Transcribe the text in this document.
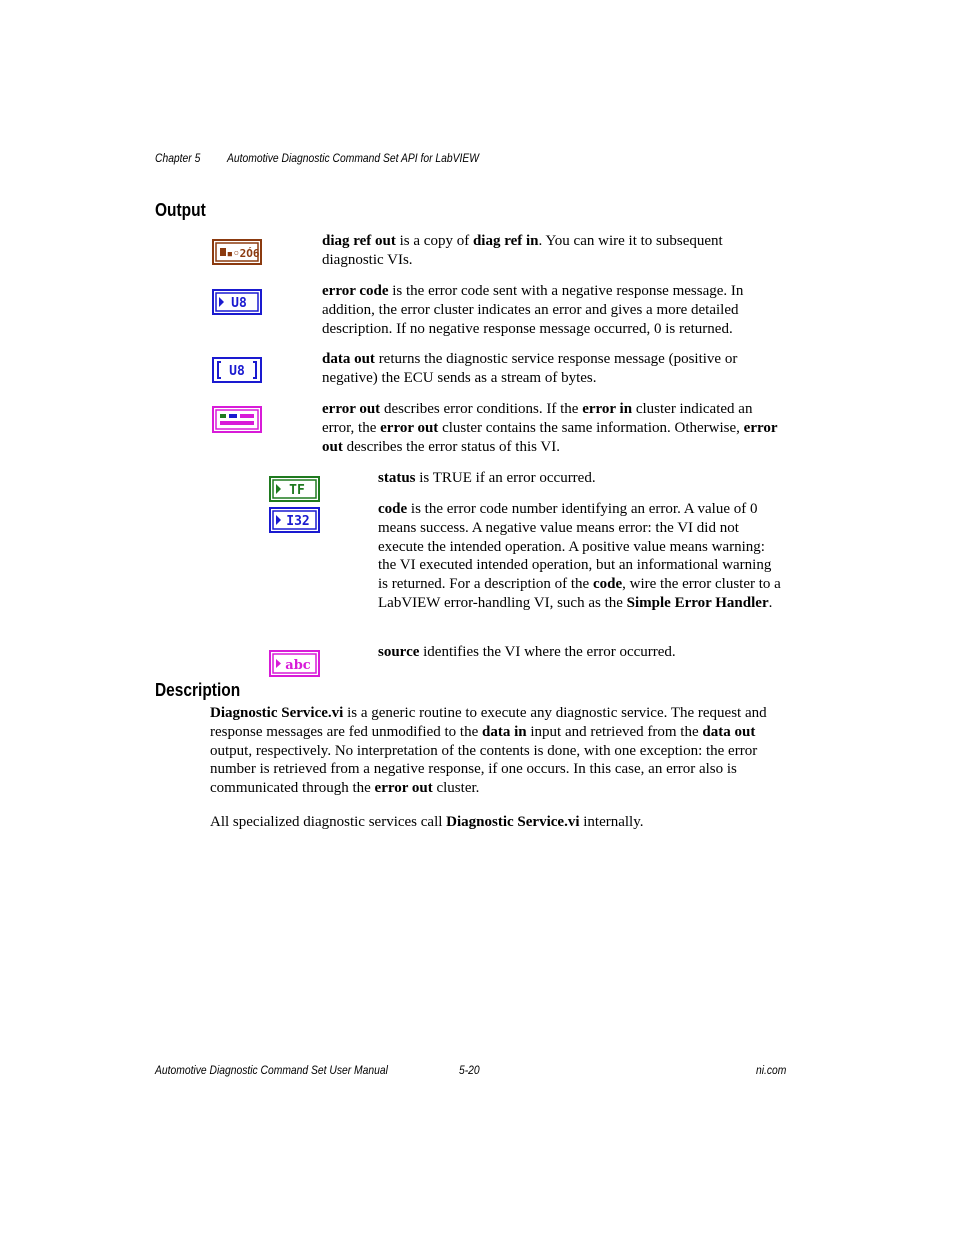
Chapter 5 Automotive Diagnostic Command Set API for LabVIEW
Output
▪◦2Ó6
diag ref out is a copy of diag ref in. You can wire it to subsequent diagnostic VIs.
U8
error code is the error code sent with a negative response message. In addition, the error cluster indicates an error and gives a more detailed description. If no negative response message occurred, 0 is returned.
U8
data out returns the diagnostic service response message (positive or negative) the ECU sends as a stream of bytes.
error out describes error conditions. If the error in cluster indicated an error, the error out cluster contains the same information. Otherwise, error out describes the error status of this VI.
TF
status is TRUE if an error occurred.
I32
code is the error code number identifying an error. A value of 0 means success. A negative value means error: the VI did not execute the intended operation. A positive value means warning: the VI executed intended operation, but an informational warning is returned. For a description of the code, wire the error cluster to a LabVIEW error-handling VI, such as the Simple Error Handler.
abc
source identifies the VI where the error occurred.
Description
Diagnostic Service.vi is a generic routine to execute any diagnostic service. The request and response messages are fed unmodified to the data in input and retrieved from the data out output, respectively. No interpretation of the contents is done, with one exception: the error number is retrieved from a negative response, if one occurs. In this case, an error also is communicated through the error out cluster.
All specialized diagnostic services call Diagnostic Service.vi internally.
Automotive Diagnostic Command Set User Manual	5-20	ni.com
